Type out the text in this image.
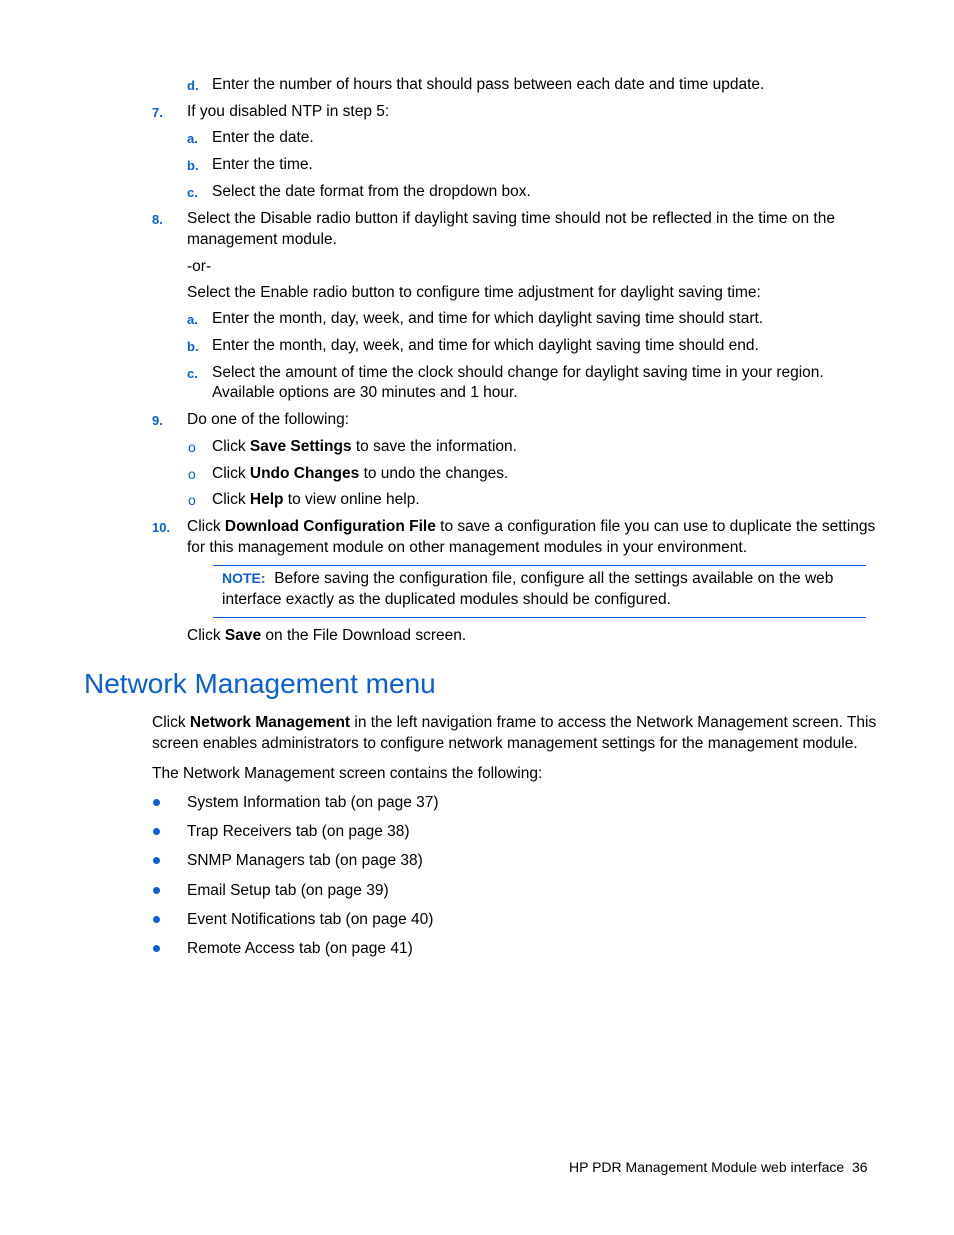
d. Enter the number of hours that should pass between each date and time update.
7. If you disabled NTP in step 5:
a. Enter the date.
b. Enter the time.
c. Select the date format from the dropdown box.
8. Select the Disable radio button if daylight saving time should not be reflected in the time on the
management module.
-or-
Select the Enable radio button to configure time adjustment for daylight saving time:
a. Enter the month, day, week, and time for which daylight saving time should start.
b. Enter the month, day, week, and time for which daylight saving time should end.
c. Select the amount of time the clock should change for daylight saving time in your region.
Available options are 30 minutes and 1 hour.
9. Do one of the following:
o Click Save Settings to save the information.
o Click Undo Changes to undo the changes.
o Click Help to view online help.
10. Click Download Configuration File to save a configuration file you can use to duplicate the settings
for this management module on other management modules in your environment.
NOTE: Before saving the configuration file, configure all the settings available on the web
interface exactly as the duplicated modules should be configured.
Click Save on the File Download screen.
Network Management menu
Click Network Management in the left navigation frame to access the Network Management screen. This
screen enables administrators to configure network management settings for the management module.
The Network Management screen contains the following:
System Information tab (on page 37)
Trap Receivers tab (on page 38)
SNMP Managers tab (on page 38)
Email Setup tab (on page 39)
Event Notifications tab (on page 40)
Remote Access tab (on page 41)
HP PDR Management Module web interface 36
